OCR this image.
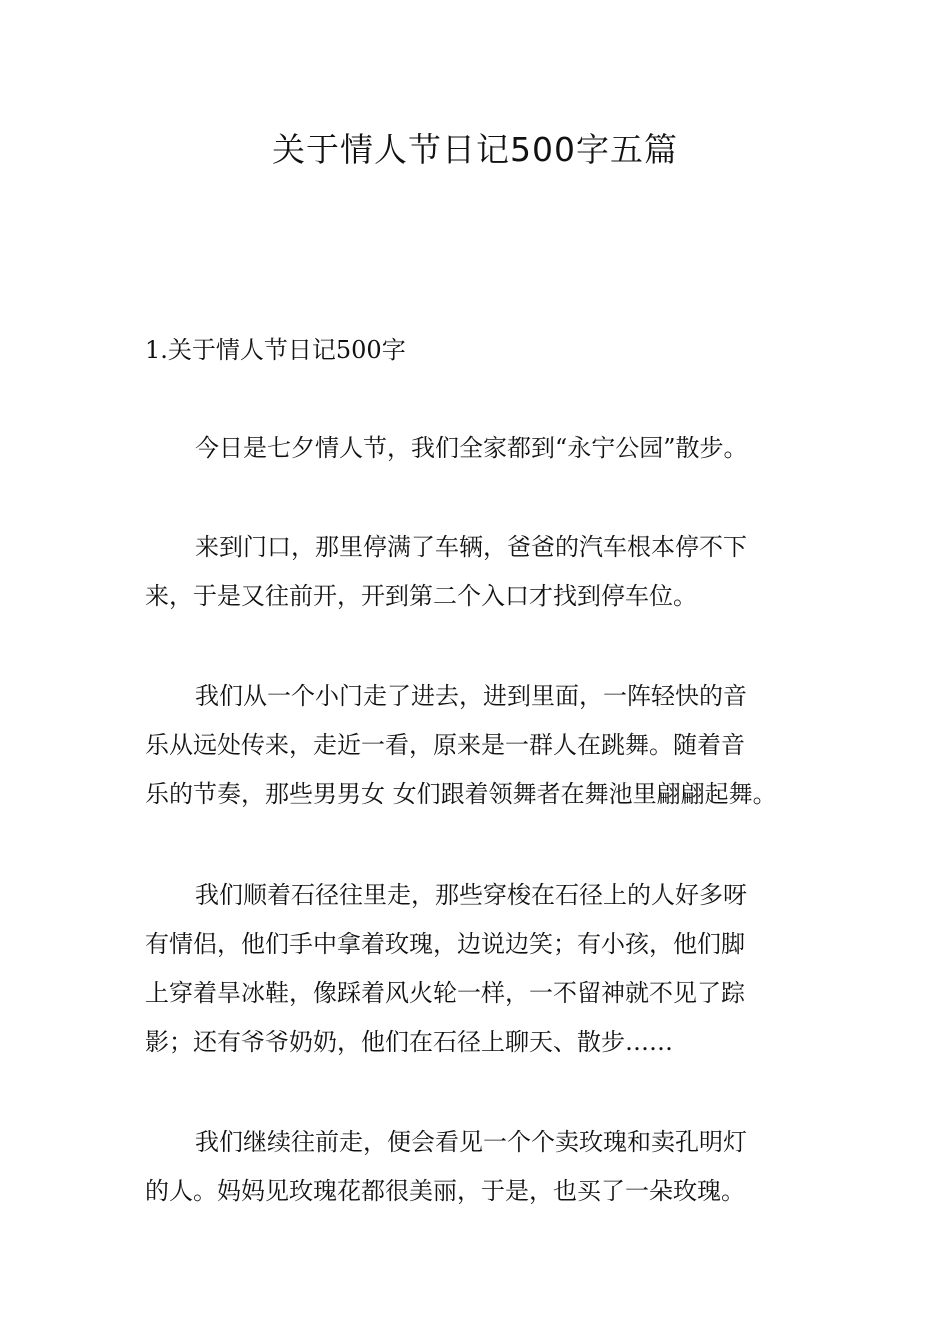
关于情人节日记500字五篇
1.关于情人节日记500字

今日是七夕情人节，我们全家都到“永宁公园”散步。

来到门口，那里停满了车辆，爸爸的汽车根本停不下
来，于是又往前开，开到第二个入口才找到停车位。

我们从一个小门走了进去，进到里面，一阵轻快的音
乐从远处传来，走近一看，原来是一群人在跳舞。随着音
乐的节奏，那些男男女 女们跟着领舞者在舞池里翩翩起舞。

我们顺着石径往里走，那些穿梭在石径上的人好多呀
有情侣，他们手中拿着玫瑰，边说边笑；有小孩，他们脚
上穿着旱冰鞋，像踩着风火轮一样，一不留神就不见了踪
影；还有爷爷奶奶，他们在石径上聊天、散步……

我们继续往前走，便会看见一个个卖玫瑰和卖孔明灯
的人。妈妈见玫瑰花都很美丽，于是，也买了一朵玫瑰。
